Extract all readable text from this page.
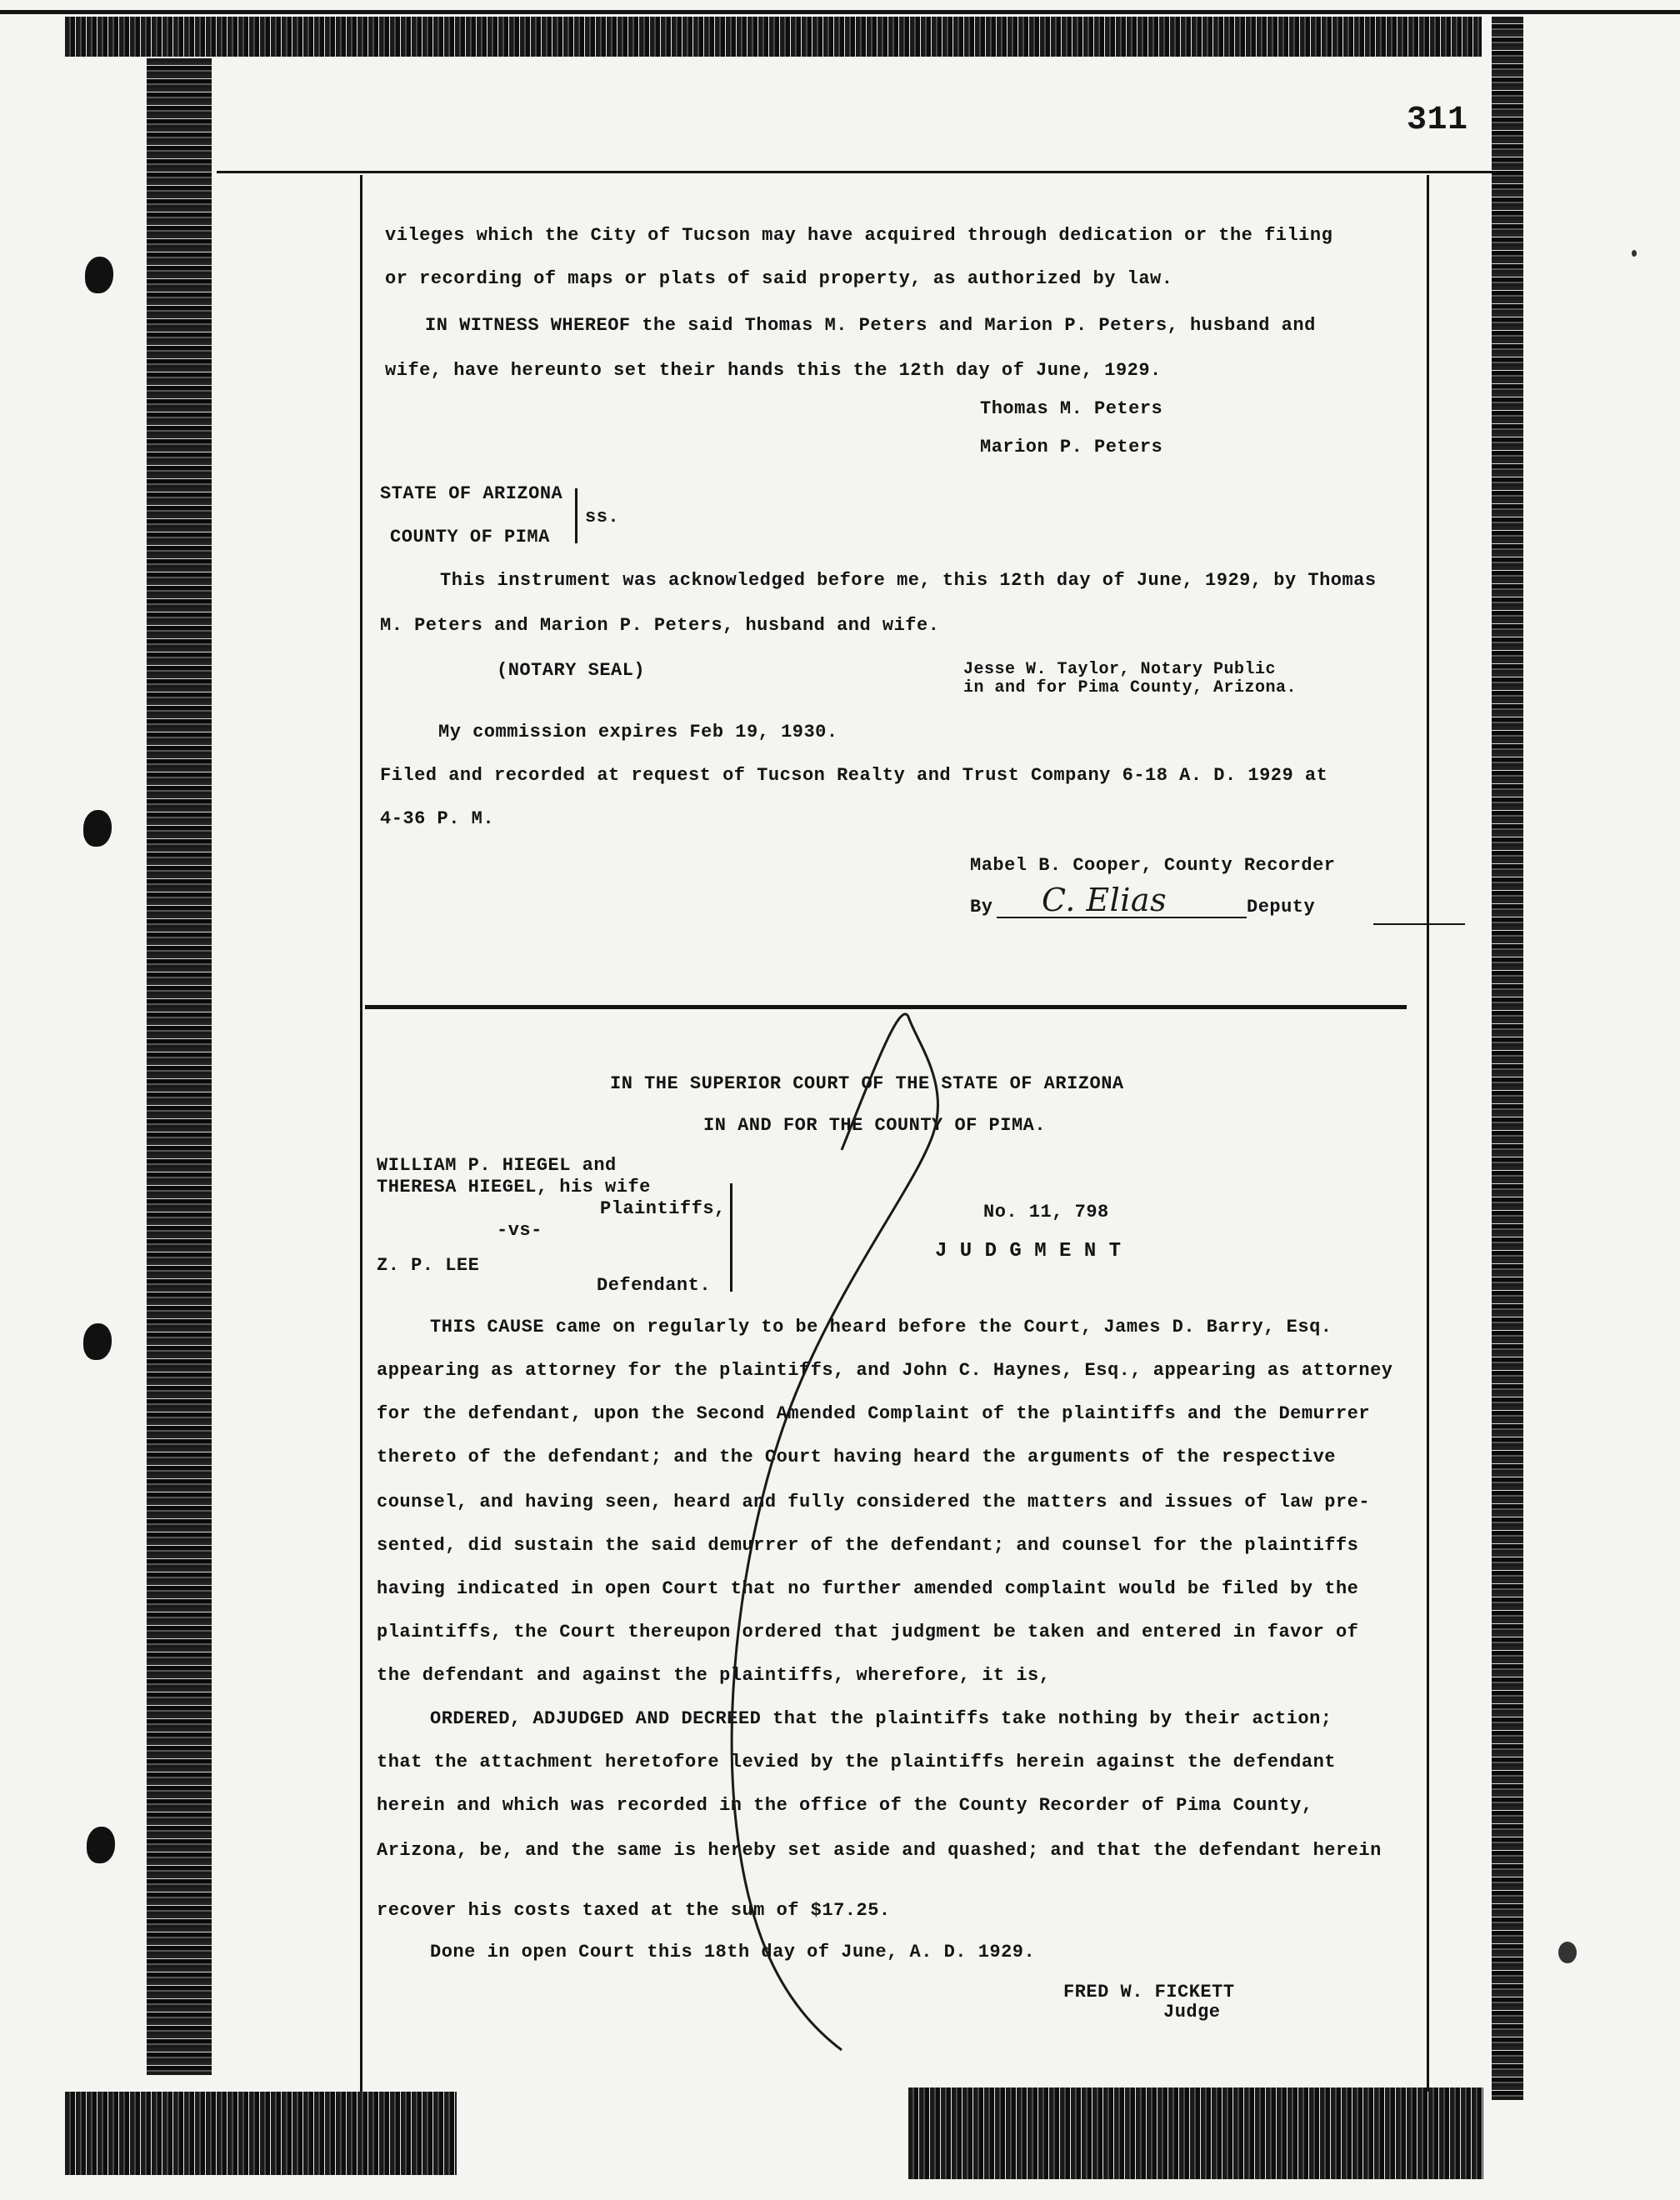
311
vileges which the City of Tucson may have acquired through dedication or the filing
or recording of maps or plats of said property, as authorized by law.
IN WITNESS WHEREOF the said Thomas M. Peters and Marion P. Peters, husband and
wife, have hereunto set their hands this the 12th day of June, 1929.
Thomas M. Peters
Marion P. Peters
STATE OF ARIZONA
COUNTY OF PIMA
ss.
This instrument was acknowledged before me, this 12th day of June, 1929, by Thomas
M. Peters and Marion P. Peters, husband and wife.
(NOTARY SEAL)	Jesse W. Taylor, Notary Public
in and for Pima County, Arizona.
My commission expires Feb 19, 1930.
Filed and recorded at request of Tucson Realty and Trust Company 6-18 A. D. 1929 at
4-36 P. M.
Mabel B. Cooper, County Recorder
By C. Elias	Deputy
IN THE SUPERIOR COURT OF THE STATE OF ARIZONA
IN AND FOR THE COUNTY OF PIMA.
WILLIAM P. HIEGEL and
THERESA HIEGEL, his wife
Plaintiffs,
-vs-
Z. P. LEE
Defendant.
No. 11, 798
J U D G M E N T
THIS CAUSE came on regularly to be heard before the Court, James D. Barry, Esq.
appearing as attorney for the plaintiffs, and John C. Haynes, Esq., appearing as attorney
for the defendant, upon the Second Amended Complaint of the plaintiffs and the Demurrer
thereto of the defendant; and the Court having heard the arguments of the respective
counsel, and having seen, heard and fully considered the matters and issues of law pre-
sented, did sustain the said demurrer of the defendant; and counsel for the plaintiffs
having indicated in open Court that no further amended complaint would be filed by the
plaintiffs, the Court thereupon ordered that judgment be taken and entered in favor of
the defendant and against the plaintiffs, wherefore, it is,
ORDERED, ADJUDGED AND DECREED that the plaintiffs take nothing by their action;
that the attachment heretofore levied by the plaintiffs herein against the defendant
herein and which was recorded in the office of the County Recorder of Pima County,
Arizona, be, and the same is hereby set aside and quashed; and that the defendant herein
recover his costs taxed at the sum of $17.25.
Done in open Court this 18th day of June, A. D. 1929.
FRED W. FICKETT
Judge
